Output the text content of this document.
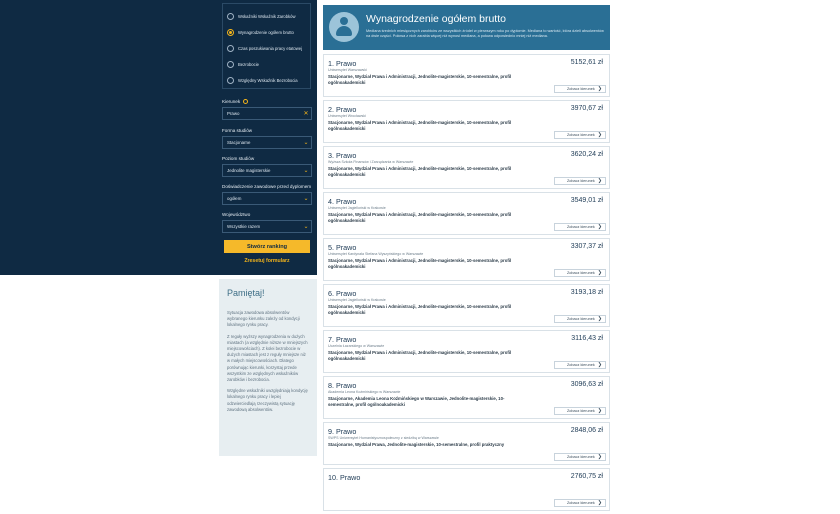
Wskaźniki Wskaźnik Zarobków
Wynagrodzenie ogółem brutto
Czas poszukiwania pracy etatowej
Bezrobocie
Względny Wskaźnik Bezrobocia
Kierunek
Prawo	✕
Forma studiów
Stacjonarne	⌄
Poziom studiów
Jednolite magisterskie	⌄
Doświadczenie zawodowe przed dyplomem
ogółem	⌄
Województwo
Wszystkie razem	⌄
Stwórz ranking
Zresetuj formularz
Pamiętaj!

Sytuacja zawodowa absolwentów wybranego kierunku zależy od kondycji lokalnego rynku pracy.

Z reguły wyższy wynagrodzenia w dużych miastach (a względnie niższe w mniejszych miejscowościach). Z kolei bezrobocie w dużych miastach jest z reguły mniejsze niż w małych miejscowościach. Dlatego porównując kierunki, korzystaj przede wszystkim ze względnych wskaźników zarobków i bezrobocia.

Względne wskaźniki uwzględniają kondycję lokalnego rynku pracy i lepiej odzwierciedlają rzeczywistą sytuację zawodową absolwentów.

Wynagrodzenie ogółem brutto
Mediana średnich miesięcznych zarobków ze wszystkich źródeł w pierwszym roku po dyplomie. Mediana to wartość, która dzieli absolwentów na dwie części. Połowa z nich zarabia więcej niż wynosi mediana, a połowa odpowiednio mniej niż mediana.
1. Prawo	5152,61 zł
Uniwersytet Warszawski
Stacjonarne, Wydział Prawa i Administracji, Jednolite-magisterskie, 10-semestralne, profil ogólnoakademicki
Zobacz kierunek ❯
2. Prawo	3970,67 zł
Uniwersytet Wrocławski
Stacjonarne, Wydział Prawa i Administracji, Jednolite-magisterskie, 10-semestralne, profil ogólnoakademicki
Zobacz kierunek ❯
3. Prawo	3620,24 zł
Wyższa Szkoła Finansów i Zarządzania w Warszawie
Stacjonarne, Wydział Prawa i Administracji, Jednolite-magisterskie, 10-semestralne, profil ogólnoakademicki
Zobacz kierunek ❯
4. Prawo	3549,01 zł
Uniwersytet Jagielloński w Krakowie
Stacjonarne, Wydział Prawa i Administracji, Jednolite-magisterskie, 10-semestralne, profil ogólnoakademicki
Zobacz kierunek ❯
5. Prawo	3307,37 zł
Uniwersytet Kardynała Stefana Wyszyńskiego w Warszawie
Stacjonarne, Wydział Prawa i Administracji, Jednolite-magisterskie, 10-semestralne, profil ogólnoakademicki
Zobacz kierunek ❯
6. Prawo	3193,18 zł
Uniwersytet Jagielloński w Krakowie
Stacjonarne, Wydział Prawa i Administracji, Jednolite-magisterskie, 10-semestralne, profil ogólnoakademicki
Zobacz kierunek ❯
7. Prawo	3116,43 zł
Uczelnia Łazarskiego w Warszawie
Stacjonarne, Wydział Prawa i Administracji, Jednolite-magisterskie, 10-semestralne, profil ogólnoakademicki
Zobacz kierunek ❯
8. Prawo	3096,63 zł
Akademia Leona Koźmińskiego w Warszawie
Stacjonarne, Akademia Leona Koźmińskiego w Warszawie, Jednolite-magisterskie, 10-semestralne, profil ogólnoakademicki
Zobacz kierunek ❯
9. Prawo	2848,06 zł
SWPS Uniwersytet Humanistycznospołeczny z siedzibą w Warszawie
Stacjonarne, Wydział Prawa, Jednolite-magisterskie, 10-semestralne, profil praktyczny
Zobacz kierunek ❯
10. Prawo	2760,75 zł
Zobacz kierunek ❯
